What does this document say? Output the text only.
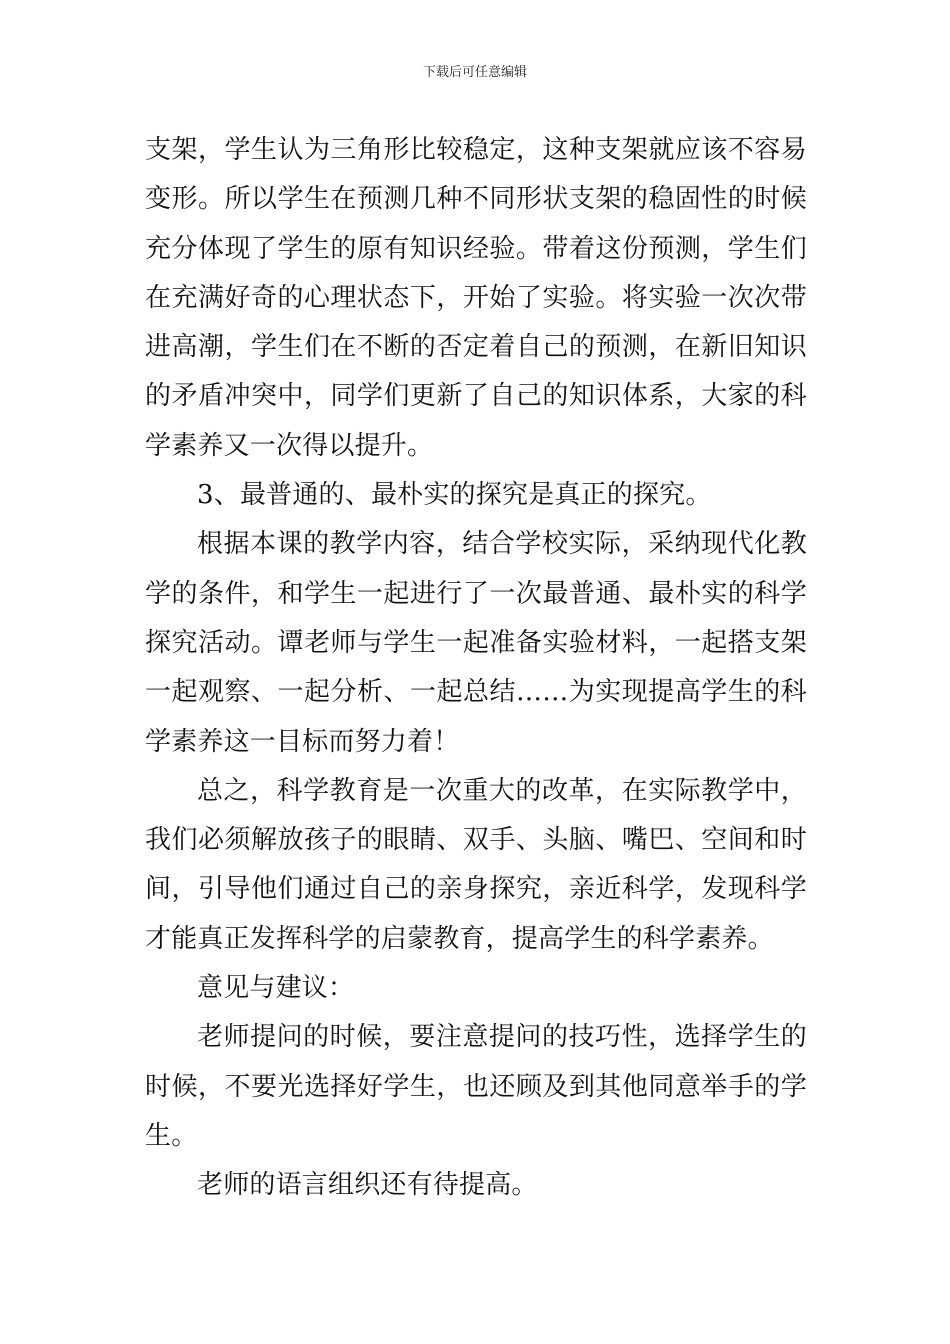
下载后可任意编辑

支架，学生认为三角形比较稳定，这种支架就应该不容易变形。所以学生在预测几种不同形状支架的稳固性的时候充分体现了学生的原有知识经验。带着这份预测，学生们在充满好奇的心理状态下，开始了实验。将实验一次次带进高潮，学生们在不断的否定着自己的预测，在新旧知识的矛盾冲突中，同学们更新了自己的知识体系，大家的科学素养又一次得以提升。

3、最普通的、最朴实的探究是真正的探究。

根据本课的教学内容，结合学校实际，采纳现代化教学的条件，和学生一起进行了一次最普通、最朴实的科学探究活动。谭老师与学生一起准备实验材料，一起搭支架一起观察、一起分析、一起总结……为实现提高学生的科学素养这一目标而努力着！

总之，科学教育是一次重大的改革，在实际教学中，我们必须解放孩子的眼睛、双手、头脑、嘴巴、空间和时间，引导他们通过自己的亲身探究，亲近科学，发现科学才能真正发挥科学的启蒙教育，提高学生的科学素养。

意见与建议：

老师提问的时候，要注意提问的技巧性，选择学生的时候，不要光选择好学生，也还顾及到其他同意举手的学生。

老师的语言组织还有待提高。
